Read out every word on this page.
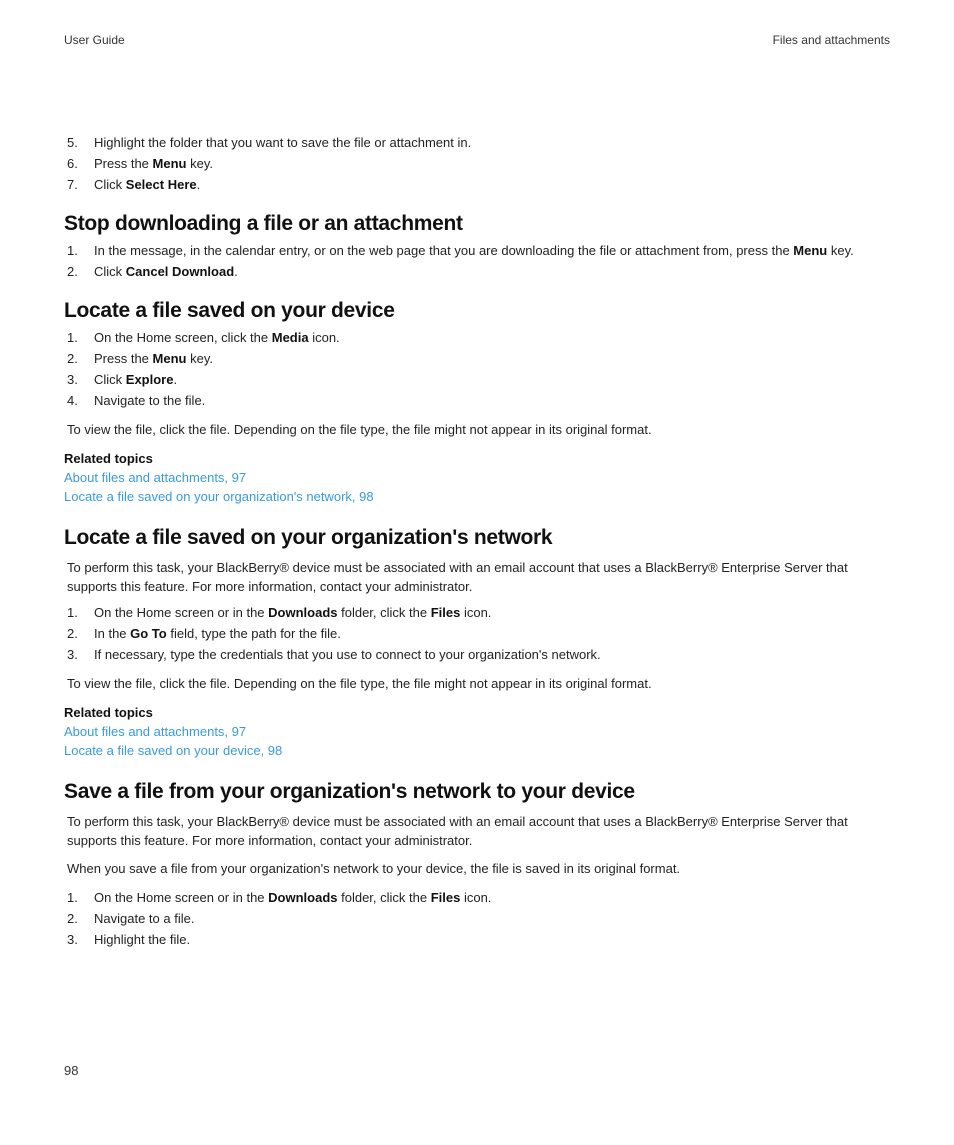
User Guide	Files and attachments
5. Highlight the folder that you want to save the file or attachment in.
6. Press the Menu key.
7. Click Select Here.
Stop downloading a file or an attachment
1. In the message, in the calendar entry, or on the web page that you are downloading the file or attachment from, press the Menu key.
2. Click Cancel Download.
Locate a file saved on your device
1. On the Home screen, click the Media icon.
2. Press the Menu key.
3. Click Explore.
4. Navigate to the file.

To view the file, click the file. Depending on the file type, the file might not appear in its original format.

Related topics
About files and attachments, 97
Locate a file saved on your organization's network, 98
Locate a file saved on your organization's network

To perform this task, your BlackBerry® device must be associated with an email account that uses a BlackBerry® Enterprise Server that supports this feature. For more information, contact your administrator.

1. On the Home screen or in the Downloads folder, click the Files icon.
2. In the Go To field, type the path for the file.
3. If necessary, type the credentials that you use to connect to your organization's network.

To view the file, click the file. Depending on the file type, the file might not appear in its original format.

Related topics
About files and attachments, 97
Locate a file saved on your device, 98
Save a file from your organization's network to your device

To perform this task, your BlackBerry® device must be associated with an email account that uses a BlackBerry® Enterprise Server that supports this feature. For more information, contact your administrator.

When you save a file from your organization's network to your device, the file is saved in its original format.

1. On the Home screen or in the Downloads folder, click the Files icon.
2. Navigate to a file.
3. Highlight the file.
98
